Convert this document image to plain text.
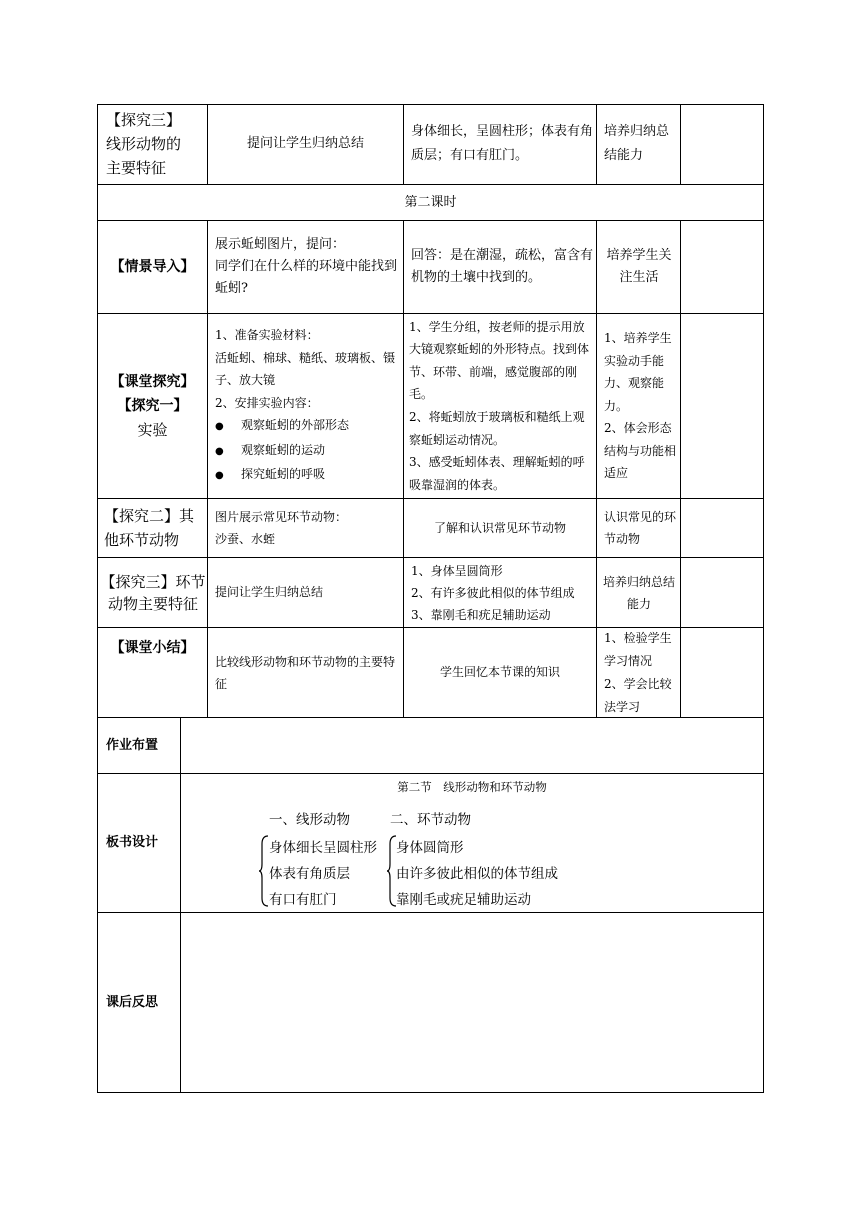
【探究三】
线形动物的
主要特征
提问让学生归纳总结
身体细长，呈圆柱形；体表有角质层；有口有肛门。
培养归纳总结能力
第二课时
【情景导入】
展示蚯蚓图片，提问：
同学们在什么样的环境中能找到蚯蚓?
回答：是在潮湿，疏松，富含有机物的土壤中找到的。
培养学生关注生活
【课堂探究】
【探究一】
实验
1、准备实验材料：
活蚯蚓、棉球、糙纸、玻璃板、镊子、放大镜
2、安排实验内容：
● 观察蚯蚓的外部形态
● 观察蚯蚓的运动
● 探究蚯蚓的呼吸
1、学生分组，按老师的提示用放大镜观察蚯蚓的外形特点。找到体节、环带、前端，感觉腹部的刚毛。
2、将蚯蚓放于玻璃板和糙纸上观察蚯蚓运动情况。
3、感受蚯蚓体表、理解蚯蚓的呼吸靠湿润的体表。
1、培养学生实验动手能力、观察能力。
2、体会形态结构与功能相适应
【探究二】其他环节动物
图片展示常见环节动物：
沙蚕、水蛭
了解和认识常见环节动物
认识常见的环节动物
【探究三】环节动物主要特征
提问让学生归纳总结
1、身体呈圆筒形
2、有许多彼此相似的体节组成
3、靠刚毛和疣足辅助运动
培养归纳总结能力
【课堂小结】
比较线形动物和环节动物的主要特征
学生回忆本节课的知识
1、检验学生学习情况
2、学会比较法学习
作业布置
板书设计
第二节　线形动物和环节动物
一、线形动物	二、环节动物
身体细长呈圆柱形
体表有角质层
有口有肛门
身体圆筒形
由许多彼此相似的体节组成
靠刚毛或疣足辅助运动
课后反思
